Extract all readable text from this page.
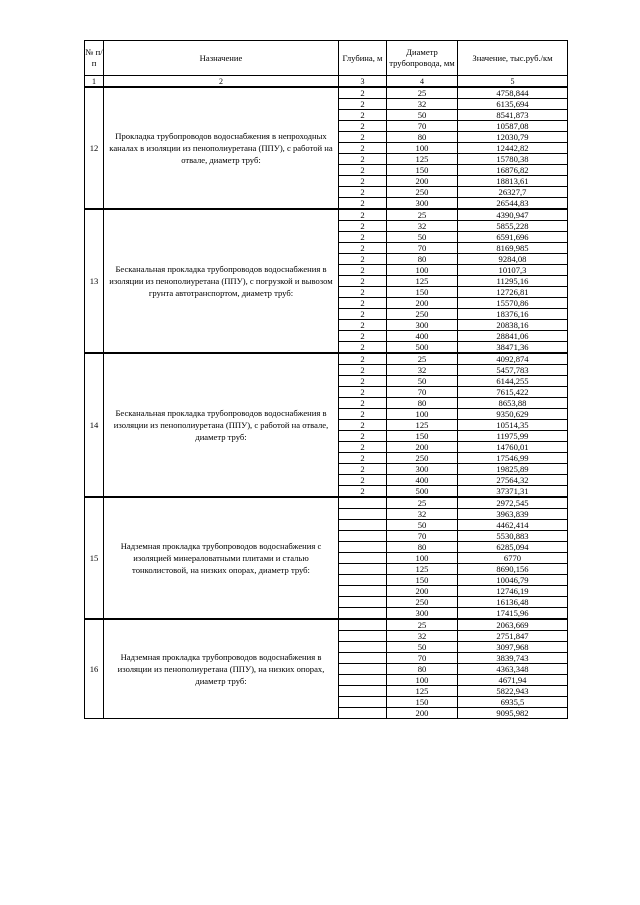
№ п/п	Назначение	Глубина, м	Диаметр трубопровода, мм	Значение, тыс.руб./км
1	2	3	4	5
12	Прокладка трубопроводов водоснабжения в непроходных каналах в изоляции из пенополиуретана (ППУ), с работой на отвале, диаметр труб:	2	25	4758,844
		2	32	6135,694
		2	50	8541,873
		2	70	10587,08
		2	80	12030,79
		2	100	12442,82
		2	125	15780,38
		2	150	16876,82
		2	200	18813,61
		2	250	26327,7
		2	300	26544,83
13	Бесканальная прокладка трубопроводов водоснабжения в изоляции из пенополиуретана (ППУ), с погрузкой и вывозом грунта автотранспортом, диаметр труб:	2	25	4390,947
		2	32	5855,228
		2	50	6591,696
		2	70	8169,985
		2	80	9284,08
		2	100	10107,3
		2	125	11295,16
		2	150	12726,81
		2	200	15570,86
		2	250	18376,16
		2	300	20838,16
		2	400	28841,06
		2	500	38471,36
14	Бесканальная прокладка трубопроводов водоснабжения в изоляции из пенополиуретана (ППУ), с работой на отвале, диаметр труб:	2	25	4092,874
		2	32	5457,783
		2	50	6144,255
		2	70	7615,422
		2	80	8653,88
		2	100	9350,629
		2	125	10514,35
		2	150	11975,99
		2	200	14760,01
		2	250	17546,99
		2	300	19825,89
		2	400	27564,32
		2	500	37371,31
15	Надземная прокладка трубопроводов водоснабжения с изоляцией минераловатными плитами и сталью тонколистовой, на низких опорах, диаметр труб:		25	2972,545
			32	3963,839
			50	4462,414
			70	5530,883
			80	6285,094
			100	6770
			125	8690,156
			150	10046,79
			200	12746,19
			250	16136,48
			300	17415,96
16	Надземная прокладка трубопроводов водоснабжения в изоляции из пенополиуретана (ППУ), на низких опорах, диаметр труб:		25	2063,669
			32	2751,847
			50	3097,968
			70	3839,743
			80	4363,348
			100	4671,94
			125	5822,943
			150	6935,5
			200	9095,982
